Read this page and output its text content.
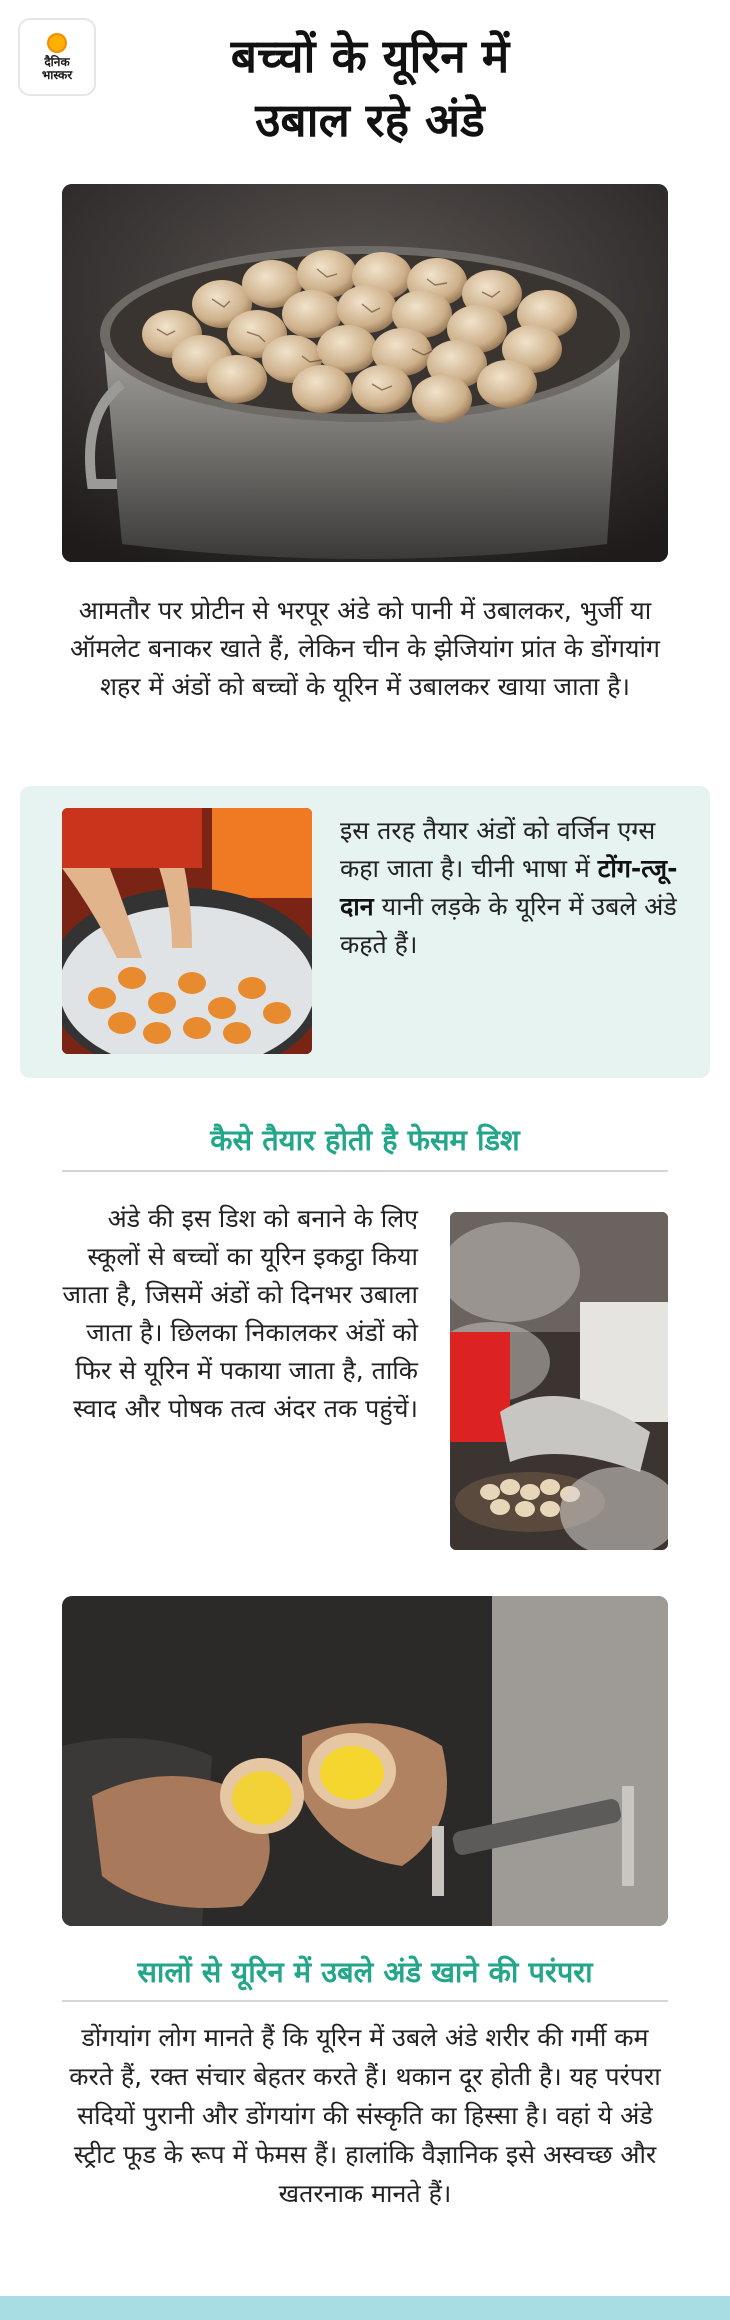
दैनिक
भास्कर	बच्चों के यूरिन में
उबाल रहे अंडे
आमतौर पर प्रोटीन से भरपूर अंडे को पानी में उबालकर, भुर्जी या ऑमलेट बनाकर खाते हैं, लेकिन चीन के झेजियांग प्रांत के डोंगयांग शहर में अंडों को बच्चों के यूरिन में उबालकर खाया जाता है।
इस तरह तैयार अंडों को वर्जिन एग्स कहा जाता है। चीनी भाषा में टोंग-त्जू-दान यानी लड़के के यूरिन में उबले अंडे कहते हैं।
कैसे तैयार होती है फेसम डिश
अंडे की इस डिश को बनाने के लिए स्कूलों से बच्चों का यूरिन इकट्ठा किया जाता है, जिसमें अंडों को दिनभर उबाला जाता है। छिलका निकालकर अंडों को फिर से यूरिन में पकाया जाता है, ताकि स्वाद और पोषक तत्व अंदर तक पहुंचें।
सालों से यूरिन में उबले अंडे खाने की परंपरा
डोंगयांग लोग मानते हैं कि यूरिन में उबले अंडे शरीर की गर्मी कम करते हैं, रक्त संचार बेहतर करते हैं। थकान दूर होती है। यह परंपरा सदियों पुरानी और डोंगयांग की संस्कृति का हिस्सा है। वहां ये अंडे स्ट्रीट फूड के रूप में फेमस हैं। हालांकि वैज्ञानिक इसे अस्वच्छ और खतरनाक मानते हैं।
